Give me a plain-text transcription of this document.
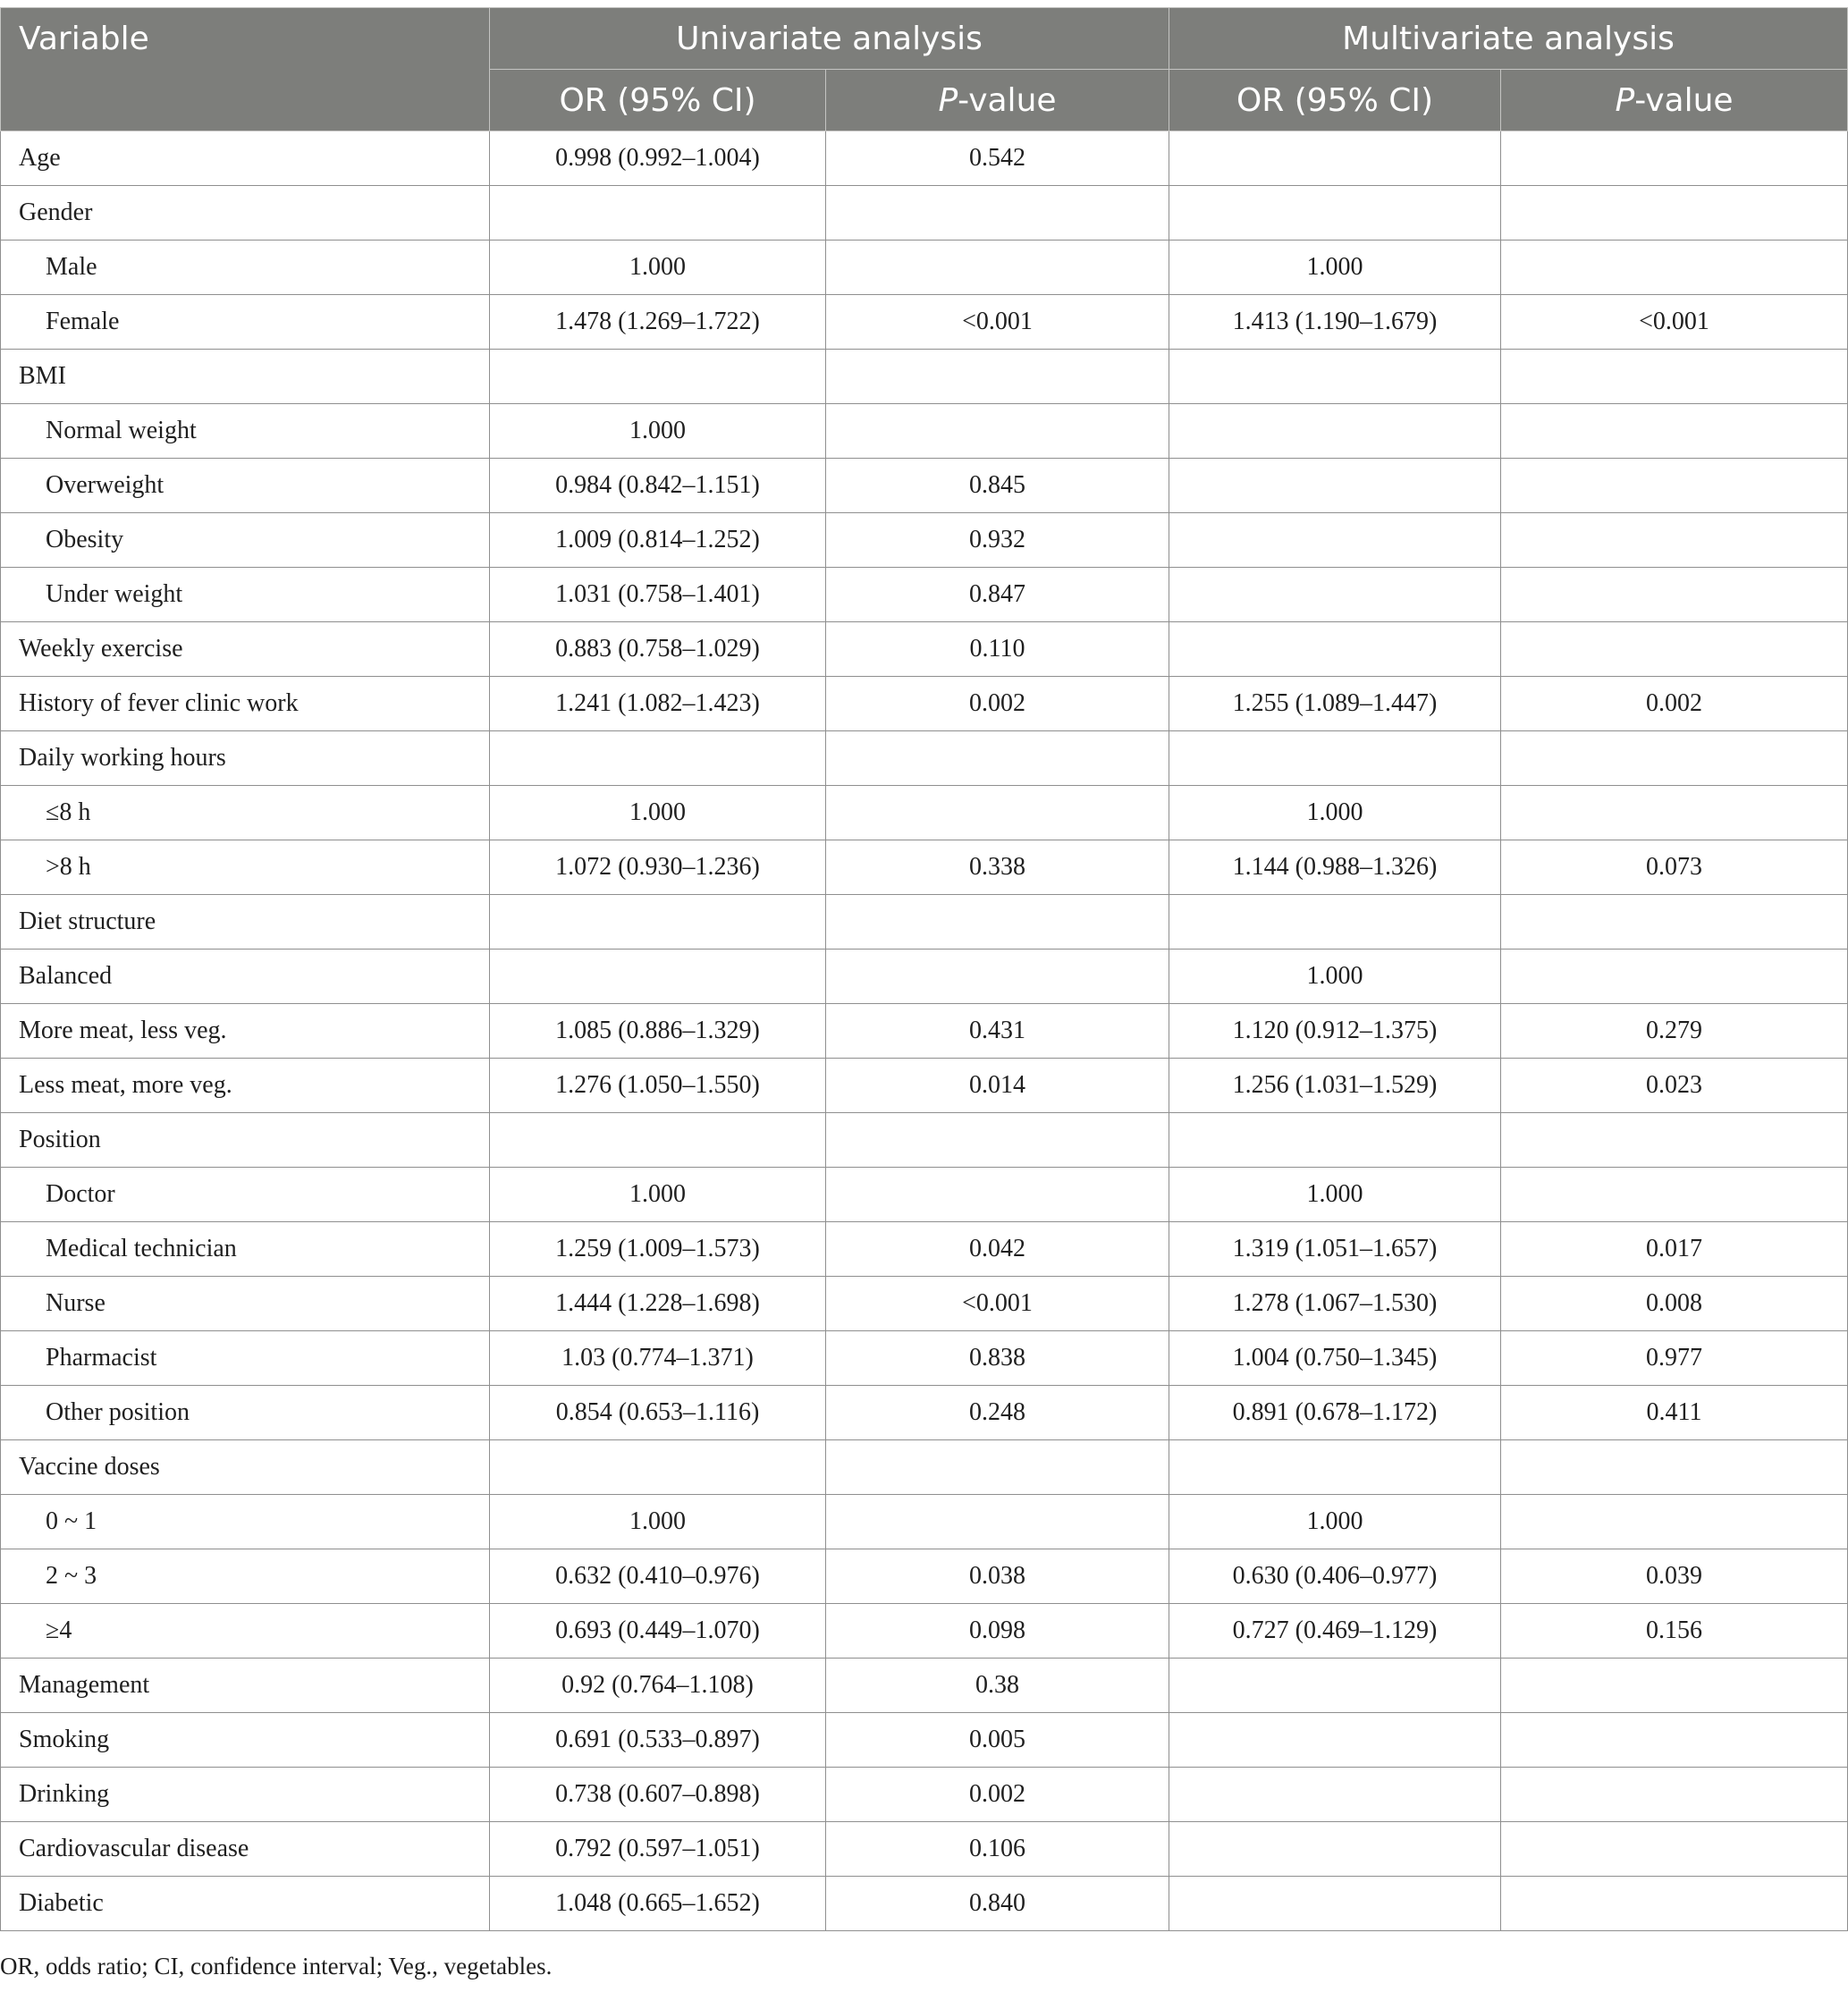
Variable	Univariate analysis		Multivariate analysis	
	OR (95% CI)	P-value	OR (95% CI)	P-value
Age	0.998 (0.992–1.004)	0.542		
Gender				
Male	1.000		1.000	
Female	1.478 (1.269–1.722)	<0.001	1.413 (1.190–1.679)	<0.001
BMI				
Normal weight	1.000			
Overweight	0.984 (0.842–1.151)	0.845		
Obesity	1.009 (0.814–1.252)	0.932		
Under weight	1.031 (0.758–1.401)	0.847		
Weekly exercise	0.883 (0.758–1.029)	0.110		
History of fever clinic work	1.241 (1.082–1.423)	0.002	1.255 (1.089–1.447)	0.002
Daily working hours				
≤8 h	1.000		1.000	
>8 h	1.072 (0.930–1.236)	0.338	1.144 (0.988–1.326)	0.073
Diet structure				
Balanced			1.000	
More meat, less veg.	1.085 (0.886–1.329)	0.431	1.120 (0.912–1.375)	0.279
Less meat, more veg.	1.276 (1.050–1.550)	0.014	1.256 (1.031–1.529)	0.023
Position				
Doctor	1.000		1.000	
Medical technician	1.259 (1.009–1.573)	0.042	1.319 (1.051–1.657)	0.017
Nurse	1.444 (1.228–1.698)	<0.001	1.278 (1.067–1.530)	0.008
Pharmacist	1.03 (0.774–1.371)	0.838	1.004 (0.750–1.345)	0.977
Other position	0.854 (0.653–1.116)	0.248	0.891 (0.678–1.172)	0.411
Vaccine doses				
0 ~ 1	1.000		1.000	
2 ~ 3	0.632 (0.410–0.976)	0.038	0.630 (0.406–0.977)	0.039
≥4	0.693 (0.449–1.070)	0.098	0.727 (0.469–1.129)	0.156
Management	0.92 (0.764–1.108)	0.38		
Smoking	0.691 (0.533–0.897)	0.005		
Drinking	0.738 (0.607–0.898)	0.002		
Cardiovascular disease	0.792 (0.597–1.051)	0.106		
Diabetic	1.048 (0.665–1.652)	0.840		
OR, odds ratio; CI, confidence interval; Veg., vegetables.
